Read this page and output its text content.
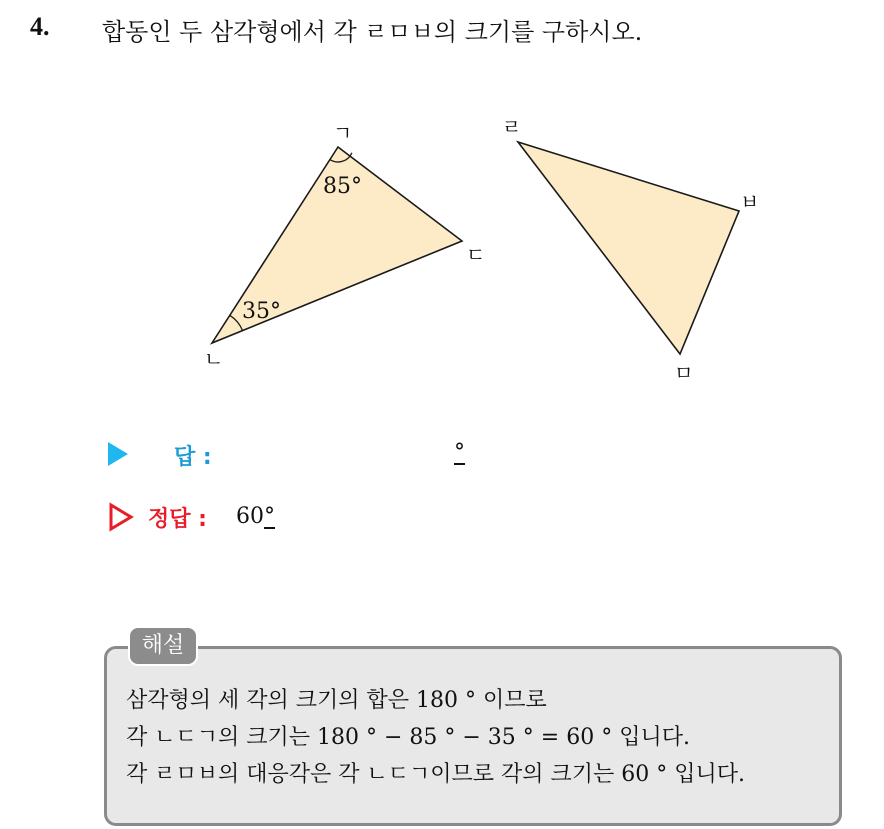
4. 합동인 두 삼각형에서 각 ㄹㅁㅂ의 크기를 구하시오.
ㄱ
ㄴ
ㄷ
85°
35°
ㄹ
ㅂ
ㅁ
답 :	°
정답 : 60°
해설
삼각형의 세 각의 크기의 합은 180 ° 이므로
각 ㄴㄷㄱ의 크기는 180 ° − 85 ° − 35 ° = 60 ° 입니다.
각 ㄹㅁㅂ의 대응각은 각 ㄴㄷㄱ이므로 각의 크기는 60 ° 입니다.
